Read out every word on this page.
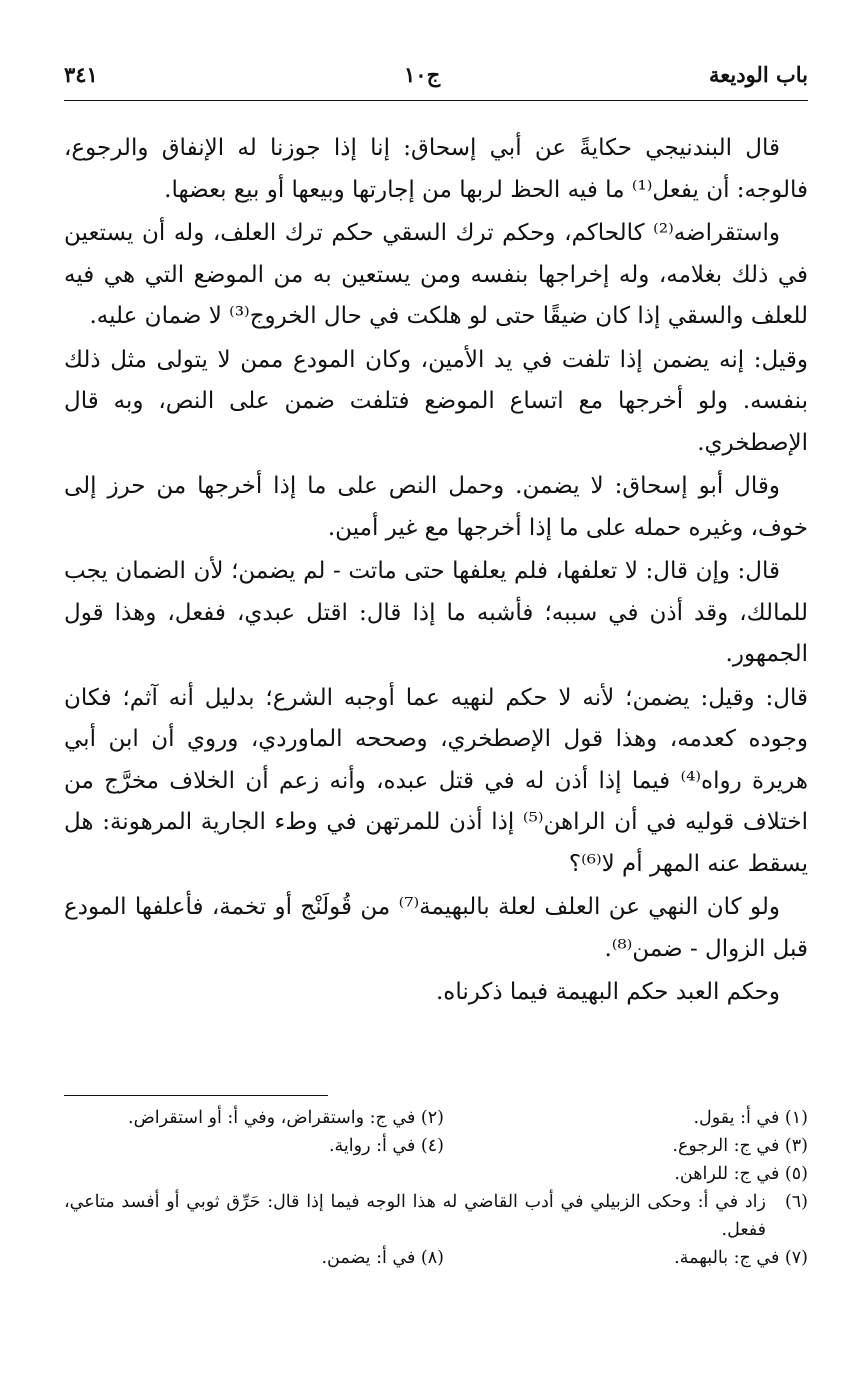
باب الوديعة
ج١٠
٣٤١

قال البندنيجي حكايةً عن أبي إسحاق: إنا إذا جوزنا له الإنفاق والرجوع، فالوجه: أن يفعل⁽¹⁾ ما فيه الحظ لربها من إجارتها وبيعها أو بيع بعضها.

واستقراضه⁽²⁾ كالحاكم، وحكم ترك السقي حكم ترك العلف، وله أن يستعين في ذلك بغلامه، وله إخراجها بنفسه ومن يستعين به من الموضع التي هي فيه للعلف والسقي إذا كان ضيقًا حتى لو هلكت في حال الخروج⁽³⁾ لا ضمان عليه.

وقيل: إنه يضمن إذا تلفت في يد الأمين، وكان المودع ممن لا يتولى مثل ذلك بنفسه. ولو أخرجها مع اتساع الموضع فتلفت ضمن على النص، وبه قال الإصطخري.

وقال أبو إسحاق: لا يضمن. وحمل النص على ما إذا أخرجها من حرز إلى خوف، وغيره حمله على ما إذا أخرجها مع غير أمين.

قال: وإن قال: لا تعلفها، فلم يعلفها حتى ماتت - لم يضمن؛ لأن الضمان يجب للمالك، وقد أذن في سببه؛ فأشبه ما إذا قال: اقتل عبدي، ففعل، وهذا قول الجمهور.

قال: وقيل: يضمن؛ لأنه لا حكم لنهيه عما أوجبه الشرع؛ بدليل أنه آثم؛ فكان وجوده كعدمه، وهذا قول الإصطخري، وصححه الماوردي، وروي أن ابن أبي هريرة رواه⁽⁴⁾ فيما إذا أذن له في قتل عبده، وأنه زعم أن الخلاف مخرَّج من اختلاف قوليه في أن الراهن⁽⁵⁾ إذا أذن للمرتهن في وطء الجارية المرهونة: هل يسقط عنه المهر أم لا⁽⁶⁾؟

ولو كان النهي عن العلف لعلة بالبهيمة⁽⁷⁾ من قُولَنْج أو تخمة، فأعلفها المودع قبل الزوال - ضمن⁽⁸⁾.

وحكم العبد حكم البهيمة فيما ذكرناه.

(١) في أ: يقول.
(٢) في ج: واستقراض، وفي أ: أو استقراض.
(٣) في ج: الرجوع.
(٤) في أ: رواية.
(٥) في ج: للراهن.
(٦)
زاد في أ: وحكى الزبيلي في أدب القاضي له هذا الوجه فيما إذا قال: حَرِّق ثوبي أو أفسد متاعي، ففعل.
(٧) في ج: بالبهمة.
(٨) في أ: يضمن.
